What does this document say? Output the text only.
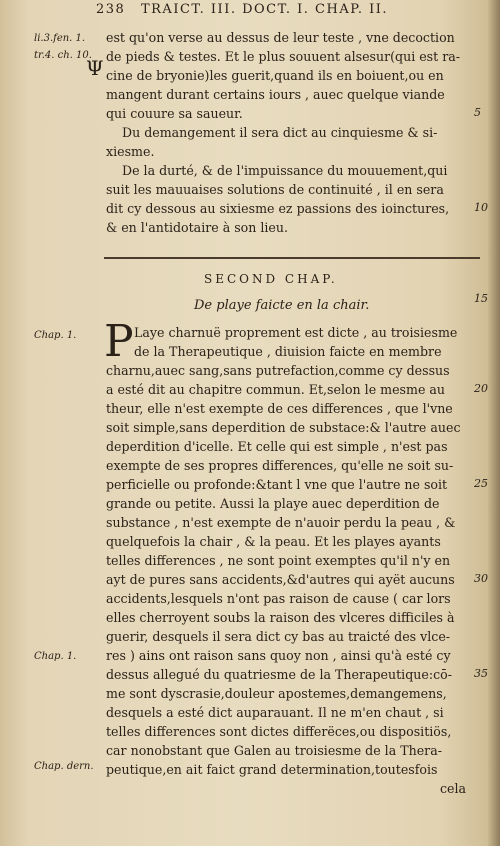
238 TRAICT. III. DOCT. I. CHAP. II.
li.3.fen. 1.
tr.4. ch. 10.
Ψ
est qu'on verse au dessus de leur teste , vne decoction
de pieds & testes. Et le plus souuent alsesur(qui est ra-
cine de bryonie)les guerit,quand ils en boiuent,ou en
mangent durant certains iours , auec quelque viande
qui couure sa saueur.	5
Du demangement il sera dict au cinquiesme & si-
xiesme.
De la durté, & de l'impuissance du mouuement,qui
suit les mauuaises solutions de continuité , il en sera
dit cy dessous au sixiesme ez passions des ioinctures, 10
& en l'antidotaire à son lieu.
SECOND CHAP.
De playe faicte en la chair.	15
Chap. 1. P Laye charnuë proprement est dicte , au troisiesme
de la Therapeutique , diuision faicte en membre
charnu,auec sang,sans putrefaction,comme cy dessus
a esté dit au chapitre commun. Et,selon le mesme au	20
theur, elle n'est exempte de ces differences , que l'vne
soit simple,sans deperdition de substace:& l'autre auec
deperdition d'icelle. Et celle qui est simple , n'est pas
exempte de ses propres differences, qu'elle ne soit su-
perficielle ou profonde:&tant l vne que l'autre ne soit 25
grande ou petite. Aussi la playe auec deperdition de
substance , n'est exempte de n'auoir perdu la peau , &
quelquefois la chair , & la peau. Et les playes ayants
telles differences , ne sont point exemptes qu'il n'y en
ayt de pures sans accidents,&d'autres qui ayët aucuns 30
accidents,lesquels n'ont pas raison de cause ( car lors
elles cherroyent soubs la raison des vlceres difficiles à
guerir, desquels il sera dict cy bas au traicté des vlce-
Chap. 1. res ) ains ont raison sans quoy non , ainsi qu'à esté cy
dessus allegué du quatriesme de la Therapeutique:cō- 35
me sont dyscrasie,douleur apostemes,demangemens,
desquels a esté dict auparauant. Il ne m'en chaut , si
telles differences sont dictes differëces,ou dispositiös,
car nonobstant que Galen au troisiesme de la Thera-
Chap. dern. peutique,en ait faict grand determination,toutesfois
cela
